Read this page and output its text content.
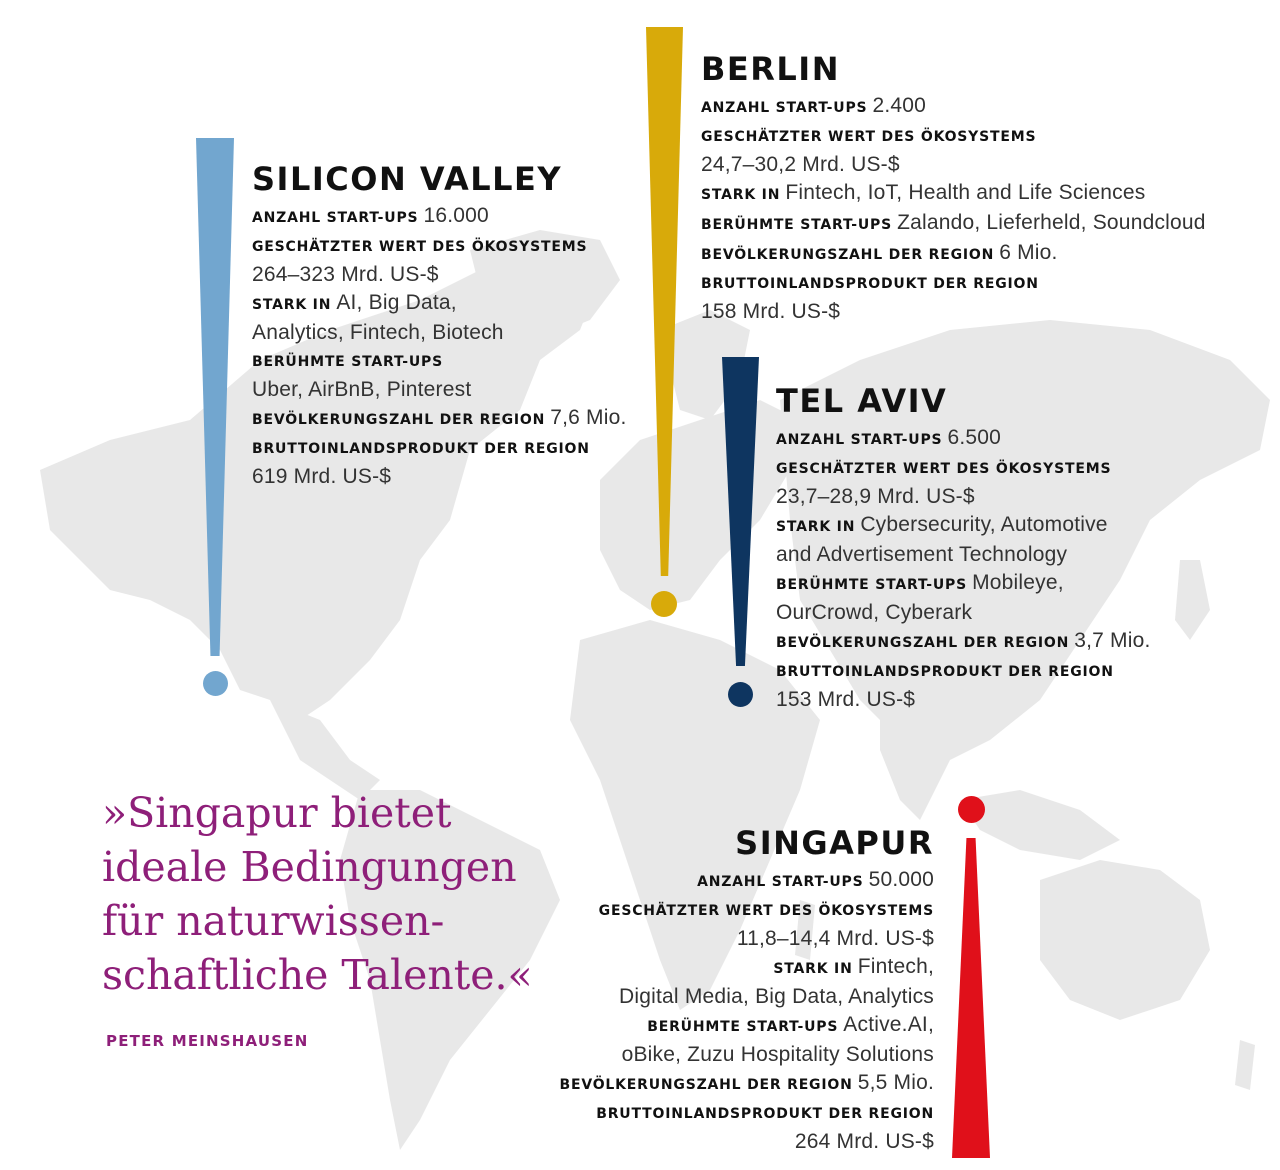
SILICON VALLEY

ANZAHL START-UPS 16.000

GESCHÄTZTER WERT DES ÖKOSYSTEMS

264–323 Mrd. US-$

STARK IN AI, Big Data,

Analytics, Fintech, Biotech

BERÜHMTE START-UPS

Uber, AirBnB, Pinterest

BEVÖLKERUNGSZAHL DER REGION 7,6 Mio.

BRUTTOINLANDSPRODUKT DER REGION

619 Mrd. US-$

BERLIN

ANZAHL START-UPS 2.400

GESCHÄTZTER WERT DES ÖKOSYSTEMS

24,7–30,2 Mrd. US-$

STARK IN Fintech, IoT, Health and Life Sciences

BERÜHMTE START-UPS Zalando, Lieferheld, Soundcloud

BEVÖLKERUNGSZAHL DER REGION 6 Mio.

BRUTTOINLANDSPRODUKT DER REGION

158 Mrd. US-$

TEL AVIV

ANZAHL START-UPS 6.500

GESCHÄTZTER WERT DES ÖKOSYSTEMS

23,7–28,9 Mrd. US-$

STARK IN Cybersecurity, Automotive

and Advertisement Technology

BERÜHMTE START-UPS Mobileye,

OurCrowd, Cyberark

BEVÖLKERUNGSZAHL DER REGION 3,7 Mio.

BRUTTOINLANDSPRODUKT DER REGION

153 Mrd. US-$

SINGAPUR

ANZAHL START-UPS 50.000

GESCHÄTZTER WERT DES ÖKOSYSTEMS

11,8–14,4 Mrd. US-$

STARK IN Fintech,

Digital Media, Big Data, Analytics

BERÜHMTE START-UPS Active.AI,

oBike, Zuzu Hospitality Solutions

BEVÖLKERUNGSZAHL DER REGION 5,5 Mio.

BRUTTOINLANDSPRODUKT DER REGION

264 Mrd. US-$

»Singapur bietet
ideale Bedingungen
für naturwissen-
schaftliche Talente.«

PETER MEINSHAUSEN
